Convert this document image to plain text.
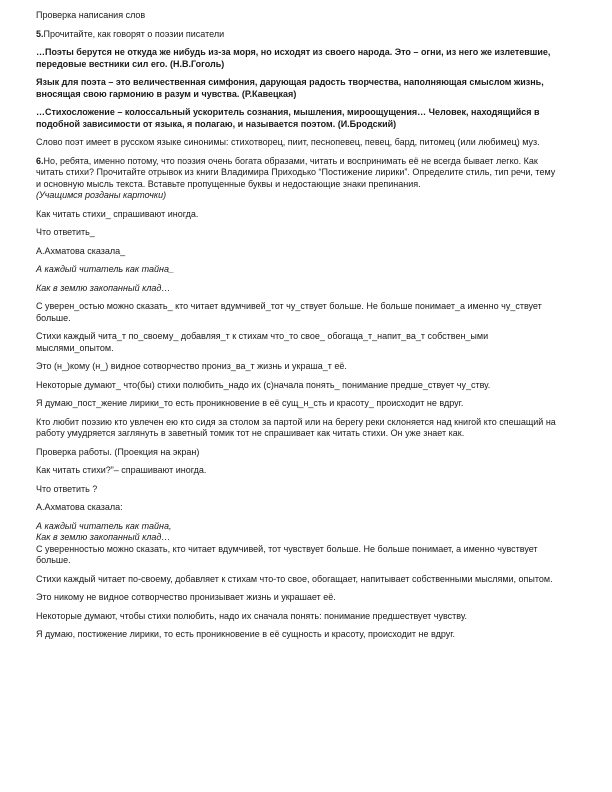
Проверка написания слов

5.Прочитайте, как говорят о поэзии писатели

…Поэты берутся не откуда же нибудь из-за моря, но исходят из своего народа. Это – огни, из него же излетевшие, передовые вестники сил его. (Н.В.Гоголь)

Язык для поэта – это величественная симфония, дарующая радость творчества, наполняющая смыслом жизнь, вносящая свою гармонию в разум и чувства. (Р.Кавецкая)

…Стихосложение – колоссальный ускоритель сознания, мышления, мироощущения… Человек, находящийся в подобной зависимости от языка, я полагаю, и называется поэтом. (И.Бродский)

Слово поэт имеет в русском языке синонимы: стихотворец, пиит, песнопевец, певец, бард, питомец (или любимец) муз.

6.Но, ребята, именно потому, что поэзия очень богата образами, читать и воспринимать её не всегда бывает легко. Как читать стихи? Прочитайте отрывок из книги Владимира Приходько “Постижение лирики”. Определите стиль, тип речи, тему и основную мысль текста. Вставьте пропущенные буквы и недостающие знаки препинания.

(Учащимся розданы карточки)

Как читать стихи_ спрашивают иногда.

Что ответить_

А.Ахматова сказала_

А каждый читатель как тайна_

Как в землю закопанный клад…

С уверен_остью можно сказать_ кто читает вдумчивей_тот чу_ствует больше. Не больше понимает_а именно чу_ствует больше.

Стихи каждый чита_т по_своему_ добавляя_т к стихам что_то свое_ обогаща_т_напит_ва_т собствен_ыми мыслями_опытом.

Это (н_)кому (н_) видное сотворчество прониз_ва_т жизнь и украша_т её.

Некоторые думают_ что(бы) стихи полюбить_надо их (с)начала понять_ понимание предше_ствует чу_ству.

Я думаю_пост_жение лирики_то есть проникновение в её сущ_н_сть и красоту_ происходит не вдруг.

Кто любит поэзию кто увлечен ею кто сидя за столом за партой или на берегу реки склоняется над книгой кто спешащий на работу умудряется заглянуть в заветный томик тот не спрашивает как читать стихи. Он уже знает как.

Проверка работы. (Проекция на экран)

Как читать стихи?”– спрашивают иногда.

Что ответить ?

А.Ахматова сказала:

А каждый читатель как тайна,

Как в землю закопанный клад…

С уверенностью можно сказать, кто читает вдумчивей, тот чувствует больше. Не больше понимает, а именно чувствует больше.

Стихи каждый читает по-своему, добавляет к стихам что-то свое, обогащает, напитывает собственными мыслями, опытом.

Это никому не видное сотворчество пронизывает жизнь и украшает её.

Некоторые думают, чтобы стихи полюбить, надо их сначала понять: понимание предшествует чувству.

Я думаю, постижение лирики, то есть проникновение в её сущность и красоту, происходит не вдруг.
